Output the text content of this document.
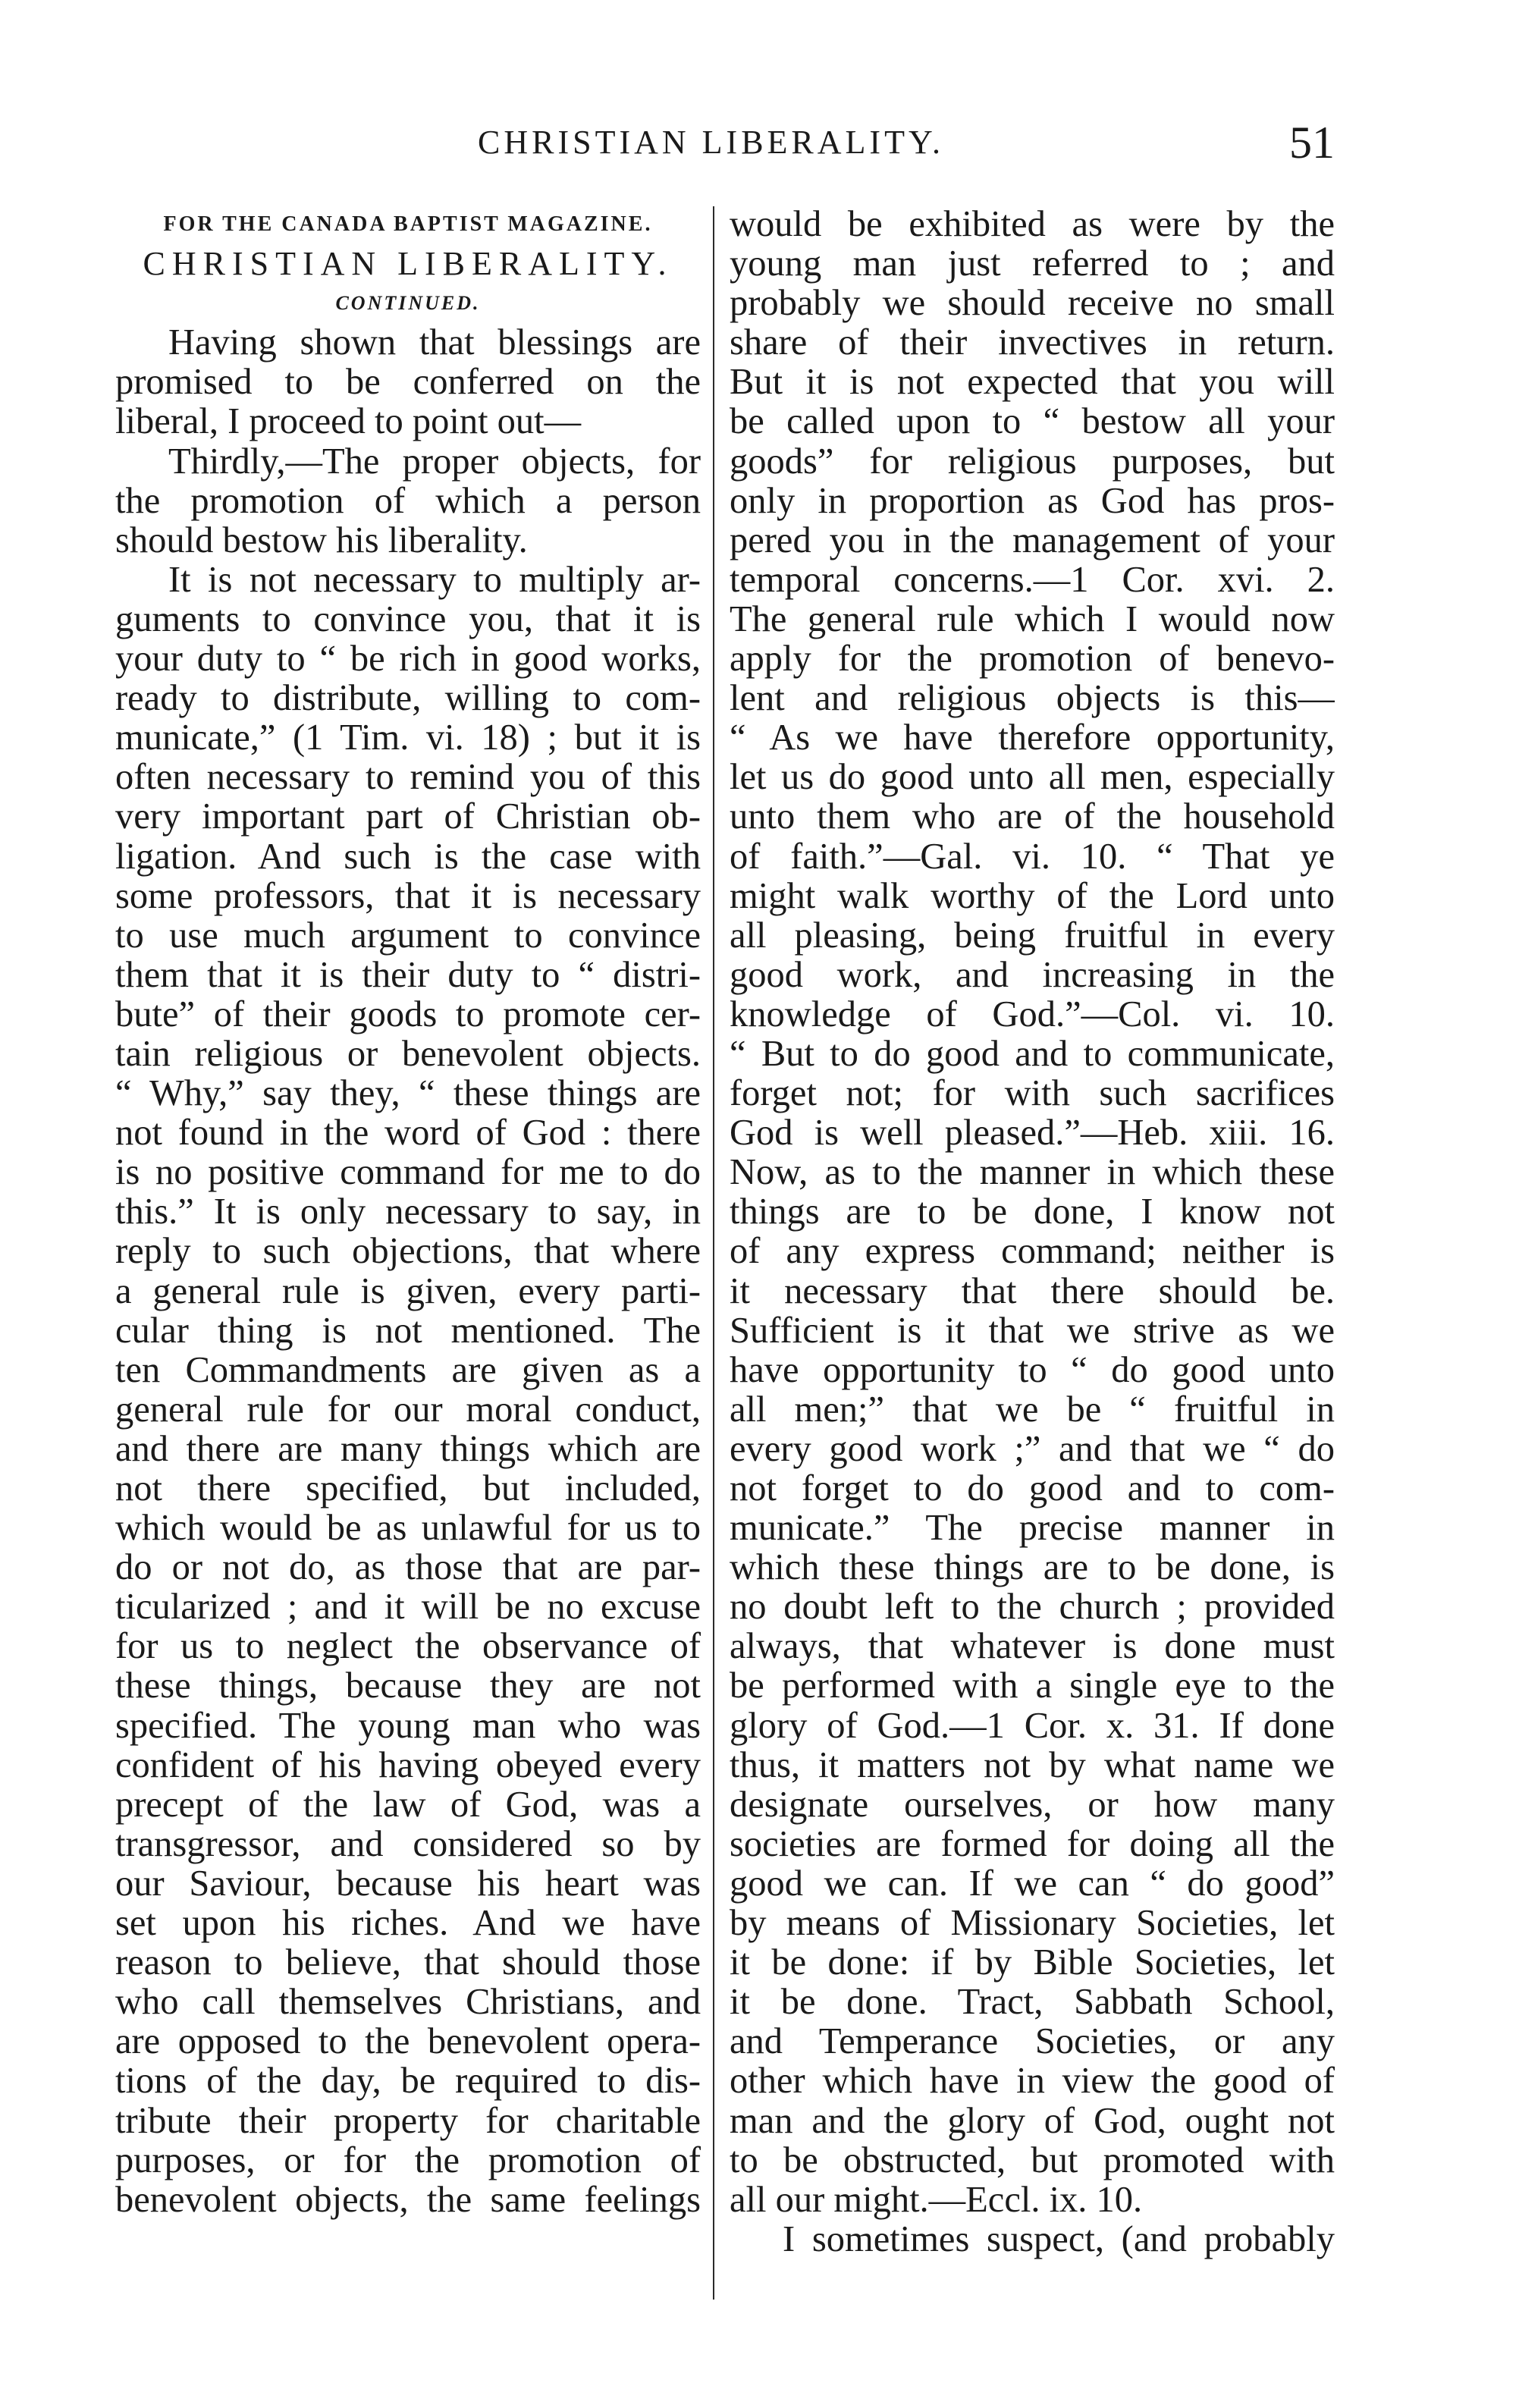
CHRISTIAN LIBERALITY.	51
FOR THE CANADA BAPTIST MAGAZINE.
CHRISTIAN LIBERALITY.
CONTINUED.
Having shown that blessings are
promised to be conferred on the
liberal, I proceed to point out—
Thirdly,—The proper objects, for
the promotion of which a person
should bestow his liberality.
It is not necessary to multiply ar-
guments to convince you, that it is
your duty to “ be rich in good works,
ready to distribute, willing to com-
municate,” (1 Tim. vi. 18) ; but it is
often necessary to remind you of this
very important part of Christian ob-
ligation. And such is the case with
some professors, that it is necessary
to use much argument to convince
them that it is their duty to “ distri-
bute” of their goods to promote cer-
tain religious or benevolent objects.
“ Why,” say they, “ these things are
not found in the word of God : there
is no positive command for me to do
this.” It is only necessary to say, in
reply to such objections, that where
a general rule is given, every parti-
cular thing is not mentioned. The
ten Commandments are given as a
general rule for our moral conduct,
and there are many things which are
not there specified, but included,
which would be as unlawful for us to
do or not do, as those that are par-
ticularized ; and it will be no excuse
for us to neglect the observance of
these things, because they are not
specified. The young man who was
confident of his having obeyed every
precept of the law of God, was a
transgressor, and considered so by
our Saviour, because his heart was
set upon his riches. And we have
reason to believe, that should those
who call themselves Christians, and
are opposed to the benevolent opera-
tions of the day, be required to dis-
tribute their property for charitable
purposes, or for the promotion of
benevolent objects, the same feelings
would be exhibited as were by the
young man just referred to ; and
probably we should receive no small
share of their invectives in return.
But it is not expected that you will
be called upon to “ bestow all your
goods” for religious purposes, but
only in proportion as God has pros-
pered you in the management of your
temporal concerns.—1 Cor. xvi. 2.
The general rule which I would now
apply for the promotion of benevo-
lent and religious objects is this—
“ As we have therefore opportunity,
let us do good unto all men, especially
unto them who are of the household
of faith.”—Gal. vi. 10. “ That ye
might walk worthy of the Lord unto
all pleasing, being fruitful in every
good work, and increasing in the
knowledge of God.”—Col. vi. 10.
“ But to do good and to communicate,
forget not; for with such sacrifices
God is well pleased.”—Heb. xiii. 16.
Now, as to the manner in which these
things are to be done, I know not
of any express command; neither is
it necessary that there should be.
Sufficient is it that we strive as we
have opportunity to “ do good unto
all men;” that we be “ fruitful in
every good work ;” and that we “ do
not forget to do good and to com-
municate.” The precise manner in
which these things are to be done, is
no doubt left to the church ; provided
always, that whatever is done must
be performed with a single eye to the
glory of God.—1 Cor. x. 31. If done
thus, it matters not by what name we
designate ourselves, or how many
societies are formed for doing all the
good we can. If we can “ do good”
by means of Missionary Societies, let
it be done: if by Bible Societies, let
it be done. Tract, Sabbath School,
and Temperance Societies, or any
other which have in view the good of
man and the glory of God, ought not
to be obstructed, but promoted with
all our might.—Eccl. ix. 10.
I sometimes suspect, (and probably
